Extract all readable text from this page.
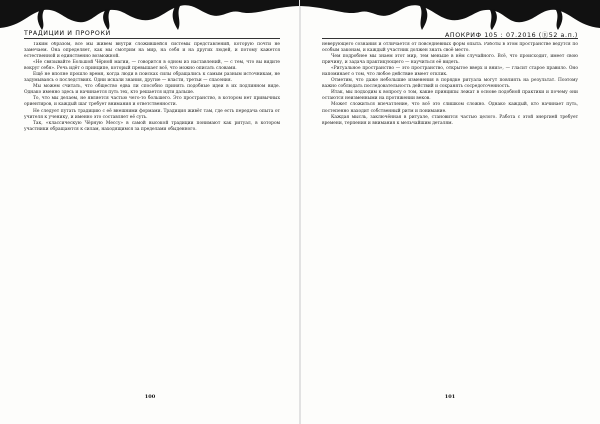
ТРАДИЦИИ И ПРОРОКИ

Таким образом, все мы живём внутри сложившейся системы представлений, которую почти не замечаем. Она определяет, как мы смотрим на мир, на себя и на других людей, и потому кажется естественной и единственно возможной.

«Не связывайте Большой Чёрной магии, — говорится в одном из наставлений, — с тем, что вы видите вокруг себя». Речь идёт о принципе, который превышает всё, что можно описать словами.

Ещё не вполне прошло время, когда люди в поисках силы обращались к самым разным источникам, не задумываясь о последствиях. Одни искали знания, другие — власти, третьи — спасения.

Мы можем считать, что общество едва ли способно принять подобные идеи в их подлинном виде. Однако именно здесь и начинается путь тех, кто решается идти дальше.

То, что мы делаем, не является частью чего-то большего. Это пространство, в котором нет привычных ориентиров, и каждый шаг требует внимания и ответственности.

Не следует путать традицию с её внешними формами. Традиция живёт там, где есть передача опыта от учителя к ученику, и именно это составляет её суть.

Так, «классическую Чёрную Мессу» в самой высокой традиции понимают как ритуал, в котором участники обращаются к силам, находящимся за пределами обыденного.

100
АПОКРИФ 105 : 07.2016 (Ⓡ52 а.п.)

неверующего сознания и отличается от повседневных форм опыта. Работы в этом пространстве ведутся по особым законам, и каждый участник должен знать своё место.

Чем подробнее мы знаем этот мир, тем меньше в нём случайного. Всё, что происходит, имеет свою причину, и задача практикующего — научиться её видеть.

«Ритуальное пространство — это пространство, открытое вверх и вниз», — гласит старое правило. Оно напоминает о том, что любое действие имеет отклик.

Отметим, что даже небольшие изменения в порядке ритуала могут повлиять на результат. Поэтому важно соблюдать последовательность действий и сохранять сосредоточенность.

Итак, мы подходим к вопросу о том, какие принципы лежат в основе подобной практики и почему они остаются неизменными на протяжении веков.

Может сложиться впечатление, что всё это слишком сложно. Однако каждый, кто начинает путь, постепенно находит собственный ритм и понимание.

Каждая мысль, заключённая в ритуале, становится частью целого. Работа с этой энергией требует времени, терпения и внимания к мельчайшим деталям.

101
